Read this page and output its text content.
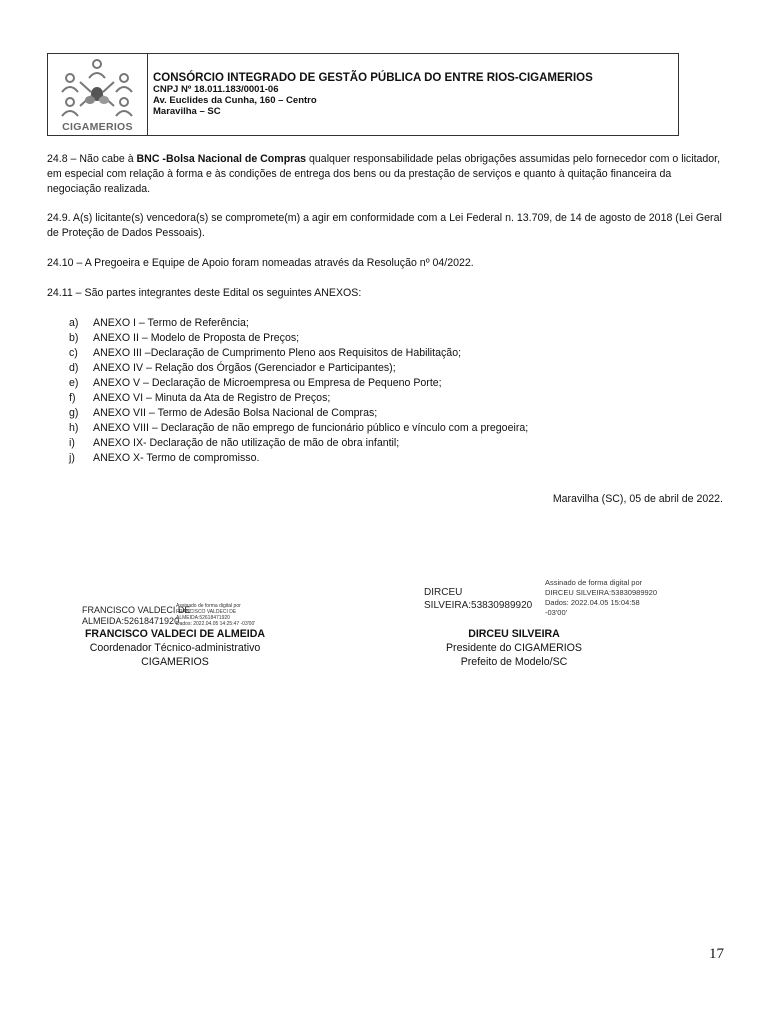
CIGAMERIOS
CONSÓRCIO INTEGRADO DE GESTÃO PÚBLICA DO ENTRE RIOS-CIGAMERIOS
CNPJ Nº 18.011.183/0001-06
Av. Euclides da Cunha, 160 – Centro
Maravilha – SC
24.8 – Não cabe à BNC -Bolsa Nacional de Compras qualquer responsabilidade pelas obrigações assumidas pelo fornecedor com o licitador, em especial com relação à forma e às condições de entrega dos bens ou da prestação de serviços e quanto à quitação financeira da negociação realizada.
24.9. A(s) licitante(s) vencedora(s) se compromete(m) a agir em conformidade com a Lei Federal n. 13.709, de 14 de agosto de 2018 (Lei Geral de Proteção de Dados Pessoais).
24.10 – A Pregoeira e Equipe de Apoio foram nomeadas através da Resolução nº 04/2022.
24.11 – São partes integrantes deste Edital os seguintes ANEXOS:
a)	ANEXO I – Termo de Referência;
b)	ANEXO II – Modelo de Proposta de Preços;
c)	ANEXO III –Declaração de Cumprimento Pleno aos Requisitos de Habilitação;
d)	ANEXO IV – Relação dos Órgãos (Gerenciador e Participantes);
e)	ANEXO V – Declaração de Microempresa ou Empresa de Pequeno Porte;
f)	ANEXO VI – Minuta da Ata de Registro de Preços;
g)	ANEXO VII – Termo de Adesão Bolsa Nacional de Compras;
h)	ANEXO VIII – Declaração de não emprego de funcionário público e vínculo com a pregoeira;
i)	ANEXO IX- Declaração de não utilização de mão de obra infantil;
j)	ANEXO X- Termo de compromisso.
Maravilha (SC), 05 de abril de 2022.
FRANCISCO VALDECI DE
ALMEIDA:52618471920
Assinado de forma digital por
FRANCISCO VALDECI DE
ALMEIDA:52618471920
Dados: 2022.04.05 14:25:47 -03'00'
FRANCISCO VALDECI DE ALMEIDA
Coordenador Técnico-administrativo
CIGAMERIOS
DIRCEU
SILVEIRA:53830989920
Assinado de forma digital por
DIRCEU SILVEIRA:53830989920
Dados: 2022.04.05 15:04:58
-03'00'
DIRCEU SILVEIRA
Presidente do CIGAMERIOS
Prefeito de Modelo/SC
17
